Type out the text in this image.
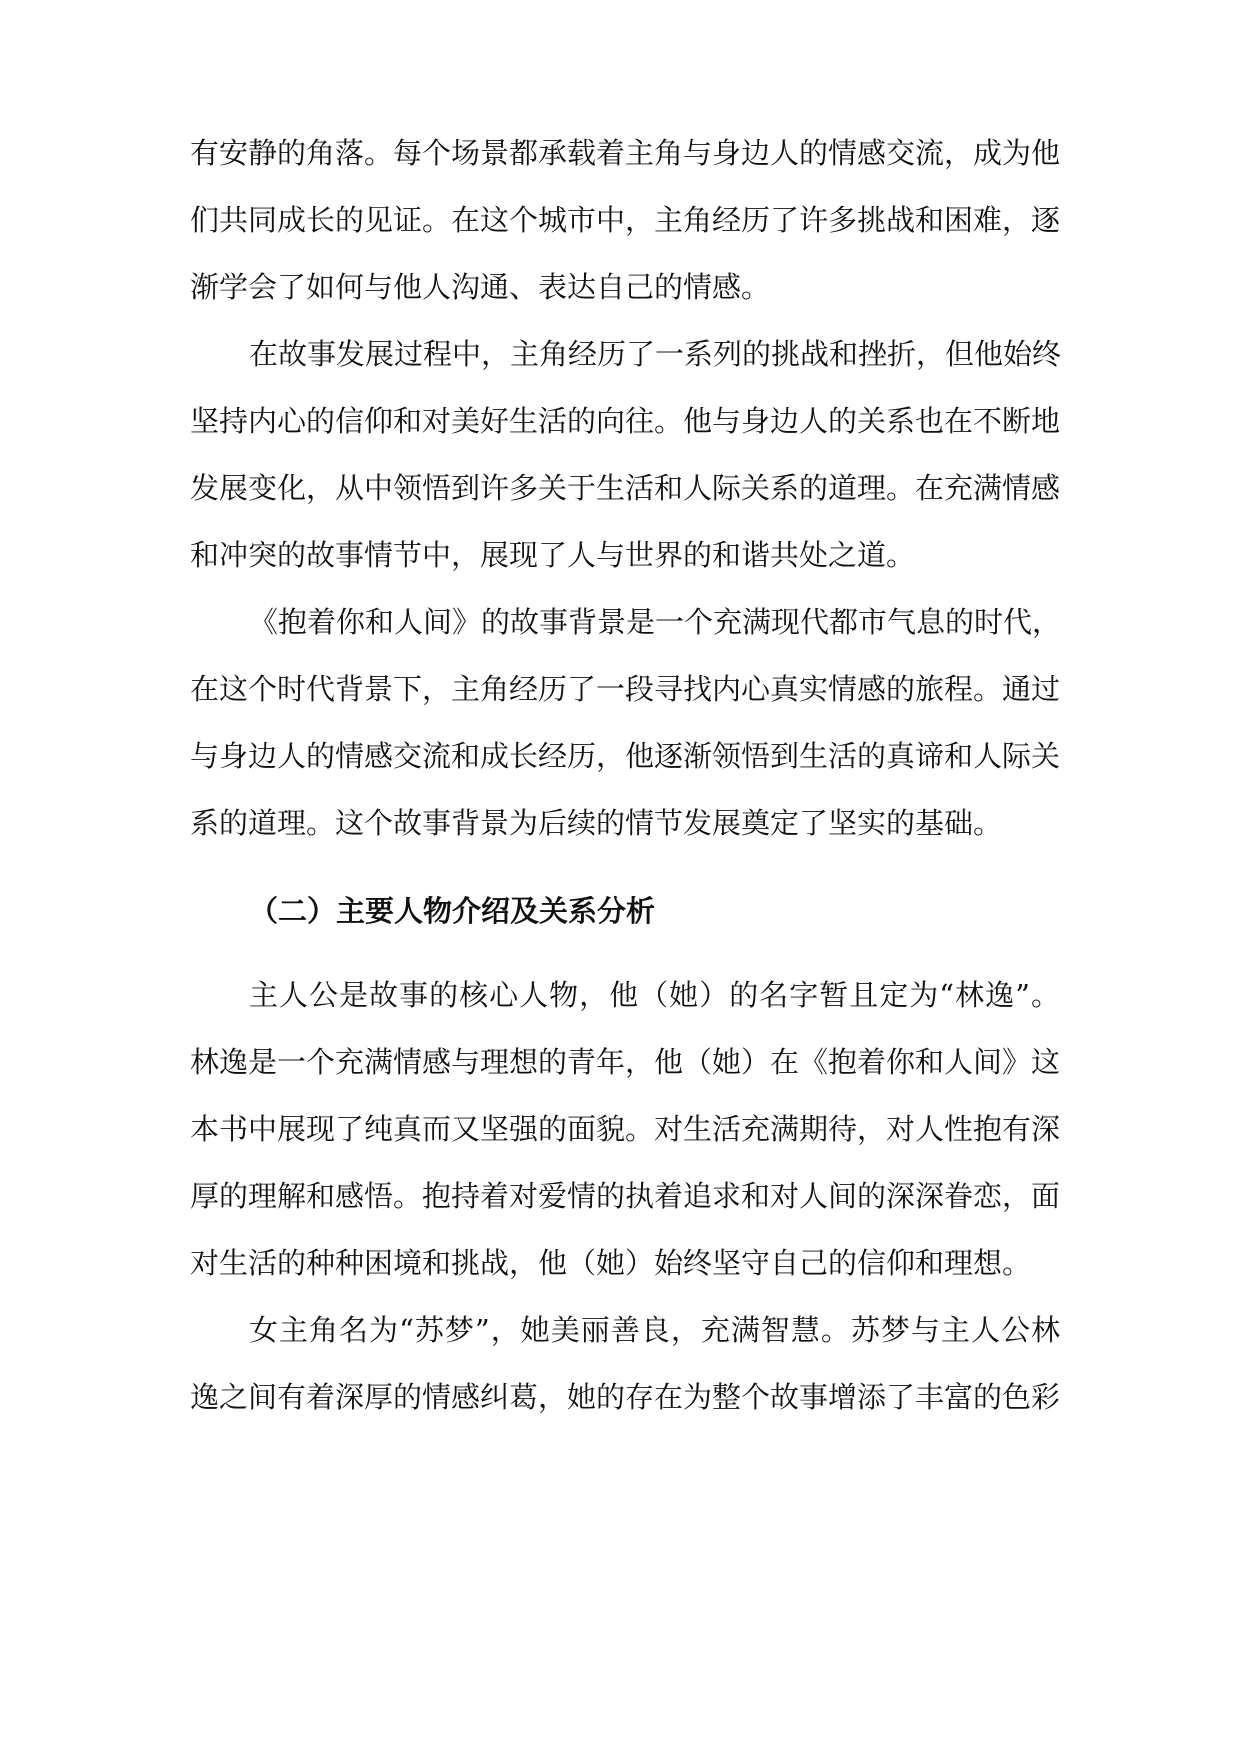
有安静的角落。每个场景都承载着主角与身边人的情感交流，成为他

们共同成长的见证。在这个城市中，主角经历了许多挑战和困难，逐

渐学会了如何与他人沟通、表达自己的情感。

在故事发展过程中，主角经历了一系列的挑战和挫折，但他始终

坚持内心的信仰和对美好生活的向往。他与身边人的关系也在不断地

发展变化，从中领悟到许多关于生活和人际关系的道理。在充满情感

和冲突的故事情节中，展现了人与世界的和谐共处之道。

《抱着你和人间》的故事背景是一个充满现代都市气息的时代，

在这个时代背景下，主角经历了一段寻找内心真实情感的旅程。通过

与身边人的情感交流和成长经历，他逐渐领悟到生活的真谛和人际关

系的道理。这个故事背景为后续的情节发展奠定了坚实的基础。

（二）主要人物介绍及关系分析

主人公是故事的核心人物，他（她）的名字暂且定为“林逸”。

林逸是一个充满情感与理想的青年，他（她）在《抱着你和人间》这

本书中展现了纯真而又坚强的面貌。对生活充满期待，对人性抱有深

厚的理解和感悟。抱持着对爱情的执着追求和对人间的深深眷恋，面

对生活的种种困境和挑战，他（她）始终坚守自己的信仰和理想。

女主角名为“苏梦”，她美丽善良，充满智慧。苏梦与主人公林

逸之间有着深厚的情感纠葛，她的存在为整个故事增添了丰富的色彩
